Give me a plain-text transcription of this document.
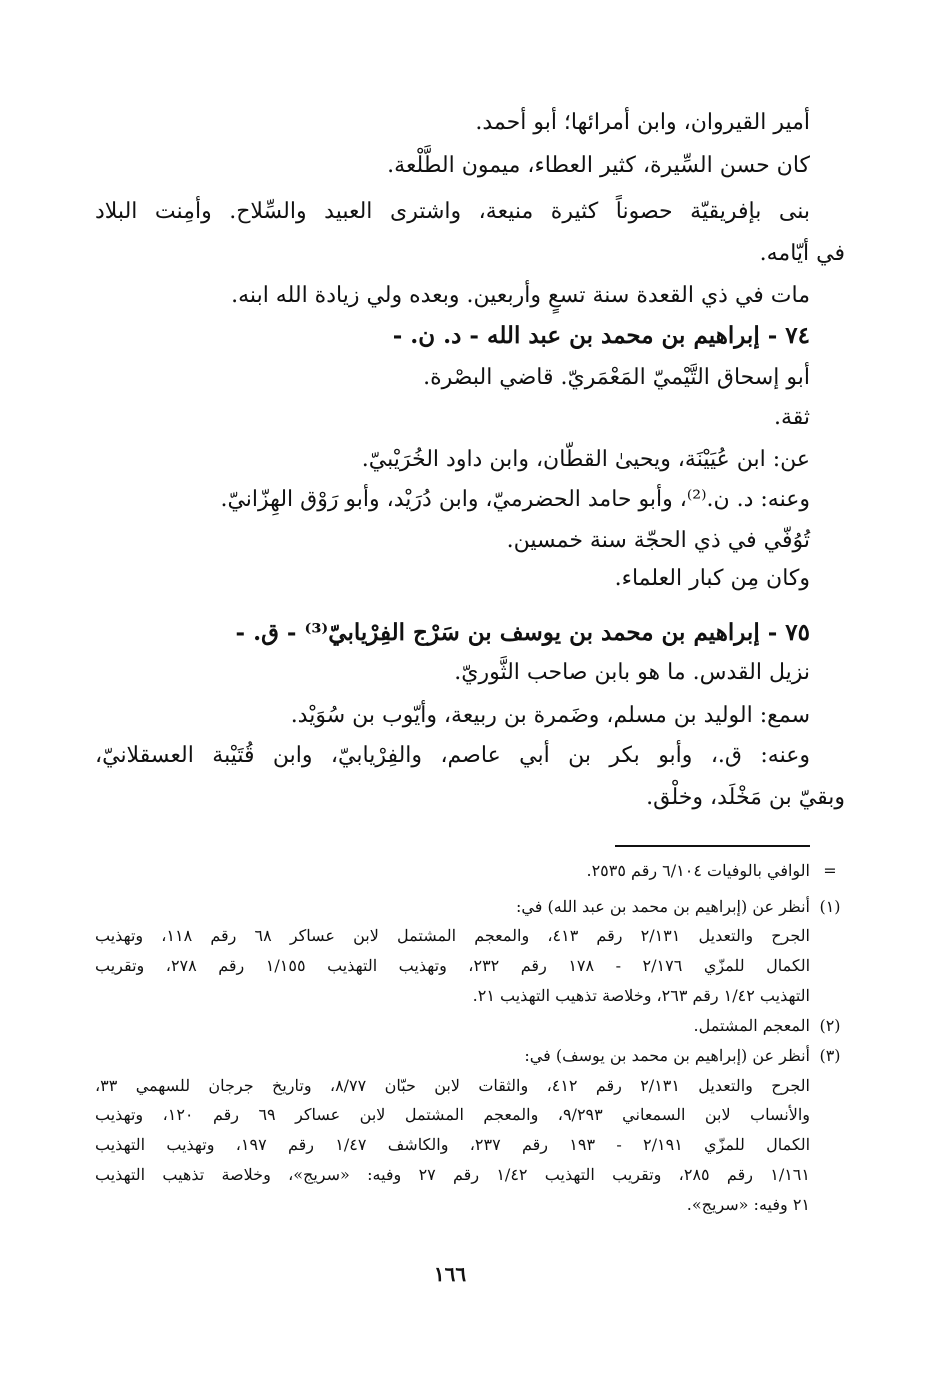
أمير القيروان، وابن أمرائها؛ أبو أحمد.
كان حسن السِّيرة، كثير العطاء، ميمون الطَّلْعة.
بنى بإفريقيّة حصوناً كثيرة منيعة، واشترى العبيد والسِّلاح. وأمِنت البلاد
في أيّامه.
مات في ذي القعدة سنة تسعٍ وأربعين. وبعده ولي زيادة الله ابنه.
٧٤ - إبراهيم بن محمد بن عبد الله - د. ن. -
أبو إسحاق التَّيْميّ المَعْمَريّ. قاضي البصْرة.
ثقة.
عن: ابن عُيَيْنَة، ويحيىٰ القطّان، وابن داود الخُرَيْبيّ.
وعنه: د. ن.⁽²⁾، وأبو حامد الحضرميّ، وابن دُرَيْد، وأبو رَوْق الهِزّانيّ.
تُوُفّي في ذي الحجّة سنة خمسين.
وكان مِن كبار العلماء.
٧٥ - إبراهيم بن محمد بن يوسف بن سَرْج الفِرْيابيّ⁽³⁾ - ق. -
نزيل القدس. ما هو بابن صاحب الثَّوريّ.
سمع: الوليد بن مسلم، وضَمرة بن ربيعة، وأيّوب بن سُوَيْد.
وعنه: ق.، وأبو بكر بن أبي عاصم، والفِرْيابيّ، وابن قُتَيْبة العسقلانيّ،
وبقيّ بن مَخْلَد، وخلْق.
=
الوافي بالوفيات ٦/١٠٤ رقم ٢٥٣٥.
(١)
أنظر عن (إبراهيم بن محمد بن عبد الله) في:
الجرح والتعديل ٢/١٣١ رقم ٤١٣، والمعجم المشتمل لابن عساكر ٦٨ رقم ١١٨، وتهذيب
الكمال للمزّي ٢/١٧٦ - ١٧٨ رقم ٢٣٢، وتهذيب التهذيب ١/١٥٥ رقم ٢٧٨، وتقريب
التهذيب ١/٤٢ رقم ٢٦٣، وخلاصة تذهيب التهذيب ٢١.
(٢)
المعجم المشتمل.
(٣)
أنظر عن (إبراهيم بن محمد بن يوسف) في:
الجرح والتعديل ٢/١٣١ رقم ٤١٢، والثقات لابن حبّان ٨/٧٧، وتاريخ جرجان للسهمي ٣٣،
والأنساب لابن السمعاني ٩/٢٩٣، والمعجم المشتمل لابن عساكر ٦٩ رقم ١٢٠، وتهذيب
الكمال للمزّي ٢/١٩١ - ١٩٣ رقم ٢٣٧، والكاشف ١/٤٧ رقم ١٩٧، وتهذيب التهذيب
١/١٦١ رقم ٢٨٥، وتقريب التهذيب ١/٤٢ رقم ٢٧ وفيه: «سريج»، وخلاصة تذهيب التهذيب
٢١ وفيه: «سريج».
١٦٦
